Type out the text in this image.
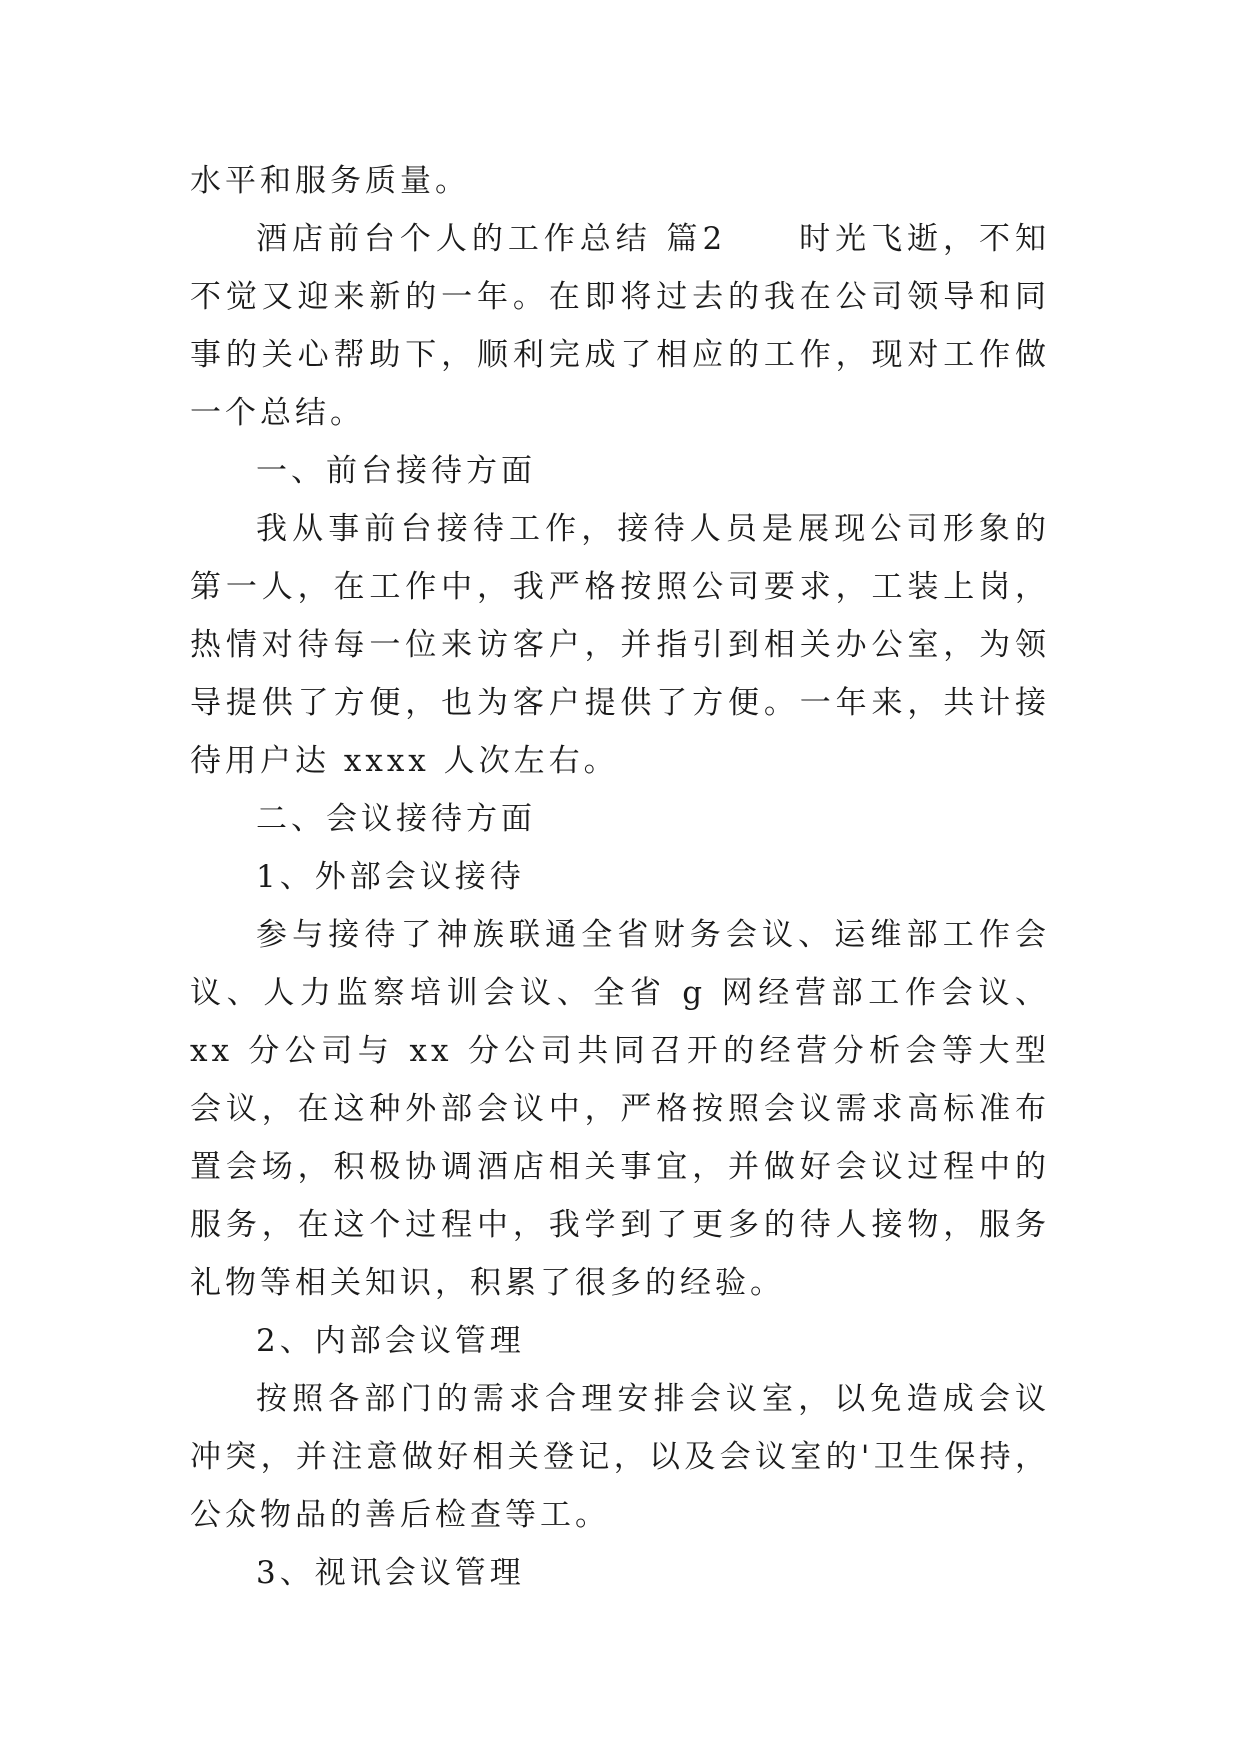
水平和服务质量。

酒店前台个人的工作总结 篇2　　时光飞逝，不知不觉又迎来新的一年。在即将过去的我在公司领导和同事的关心帮助下，顺利完成了相应的工作，现对工作做一个总结。

一、前台接待方面

我从事前台接待工作，接待人员是展现公司形象的第一人，在工作中，我严格按照公司要求，工装上岗，热情对待每一位来访客户，并指引到相关办公室，为领导提供了方便，也为客户提供了方便。一年来，共计接待用户达 xxxx 人次左右。

二、会议接待方面

1、外部会议接待

参与接待了神族联通全省财务会议、运维部工作会议、人力监察培训会议、全省 g 网经营部工作会议、xx 分公司与 xx 分公司共同召开的经营分析会等大型会议，在这种外部会议中，严格按照会议需求高标准布置会场，积极协调酒店相关事宜，并做好会议过程中的服务，在这个过程中，我学到了更多的待人接物，服务礼物等相关知识，积累了很多的经验。

2、内部会议管理

按照各部门的需求合理安排会议室，以免造成会议冲突，并注意做好相关登记，以及会议室的'卫生保持，公众物品的善后检查等工。

3、视讯会议管理
